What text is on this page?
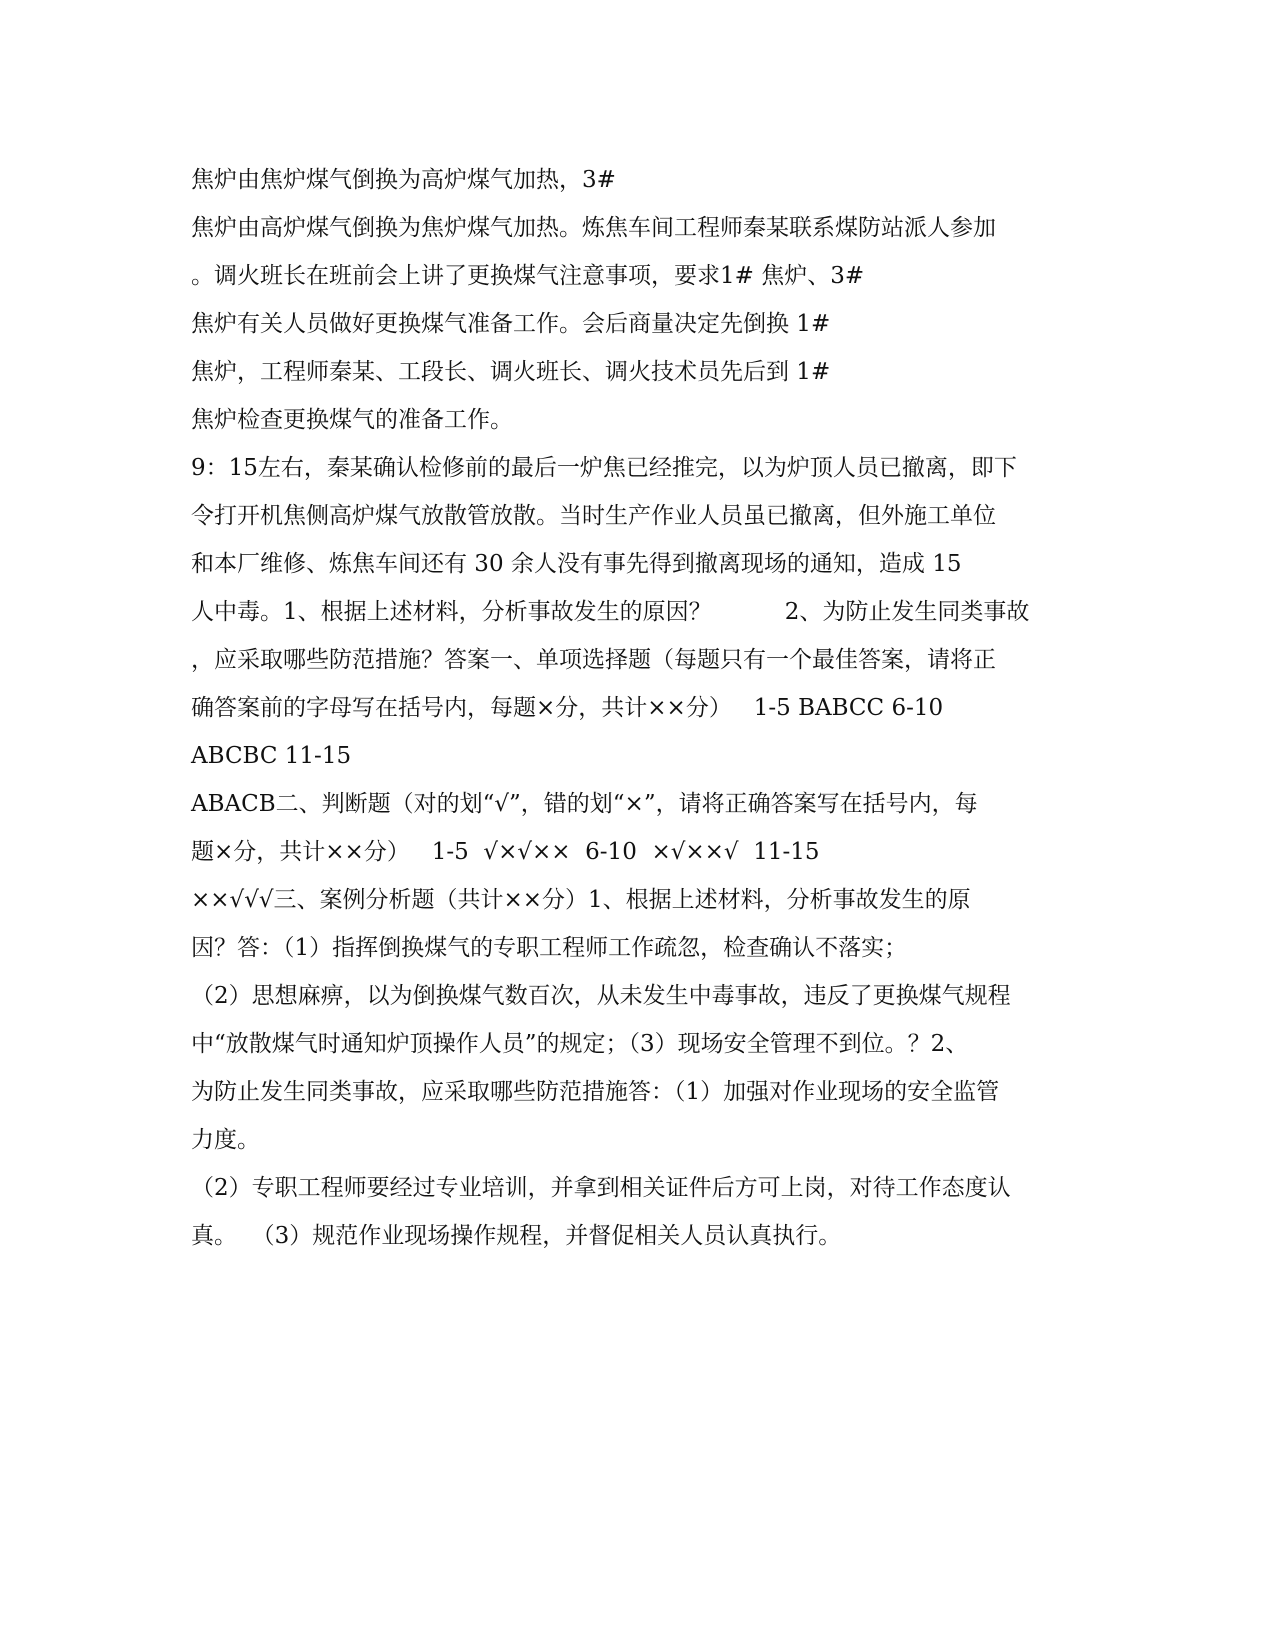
焦炉由焦炉煤气倒换为高炉煤气加热，3#
焦炉由高炉煤气倒换为焦炉煤气加热。炼焦车间工程师秦某联系煤防站派人参加
。调火班长在班前会上讲了更换煤气注意事项，要求1# 焦炉、3#
焦炉有关人员做好更换煤气准备工作。会后商量决定先倒换 1#
焦炉，工程师秦某、工段长、调火班长、调火技术员先后到 1#
焦炉检查更换煤气的准备工作。
9：15左右，秦某确认检修前的最后一炉焦已经推完，以为炉顶人员已撤离，即下
令打开机焦侧高炉煤气放散管放散。当时生产作业人员虽已撤离，但外施工单位
和本厂维修、炼焦车间还有 30 余人没有事先得到撤离现场的通知，造成 15
人中毒。1、根据上述材料，分析事故发生的原因？          2、为防止发生同类事故
，应采取哪些防范措施？答案一、单项选择题（每题只有一个最佳答案，请将正
确答案前的字母写在括号内，每题×分，共计××分）   1-5 BABCC 6-10
ABCBC 11-15
ABACB二、判断题（对的划“√”，错的划“×”，请将正确答案写在括号内，每
题×分，共计××分）   1-5  √×√××  6-10  ×√××√  11-15
××√√√三、案例分析题（共计××分）1、根据上述材料，分析事故发生的原
因？答：（1）指挥倒换煤气的专职工程师工作疏忽，检查确认不落实；
（2）思想麻痹，以为倒换煤气数百次，从未发生中毒事故，违反了更换煤气规程
中“放散煤气时通知炉顶操作人员”的规定；（3）现场安全管理不到位。？2、
为防止发生同类事故，应采取哪些防范措施答：（1）加强对作业现场的安全监管
力度。
（2）专职工程师要经过专业培训，并拿到相关证件后方可上岗，对待工作态度认
真。  （3）规范作业现场操作规程，并督促相关人员认真执行。
